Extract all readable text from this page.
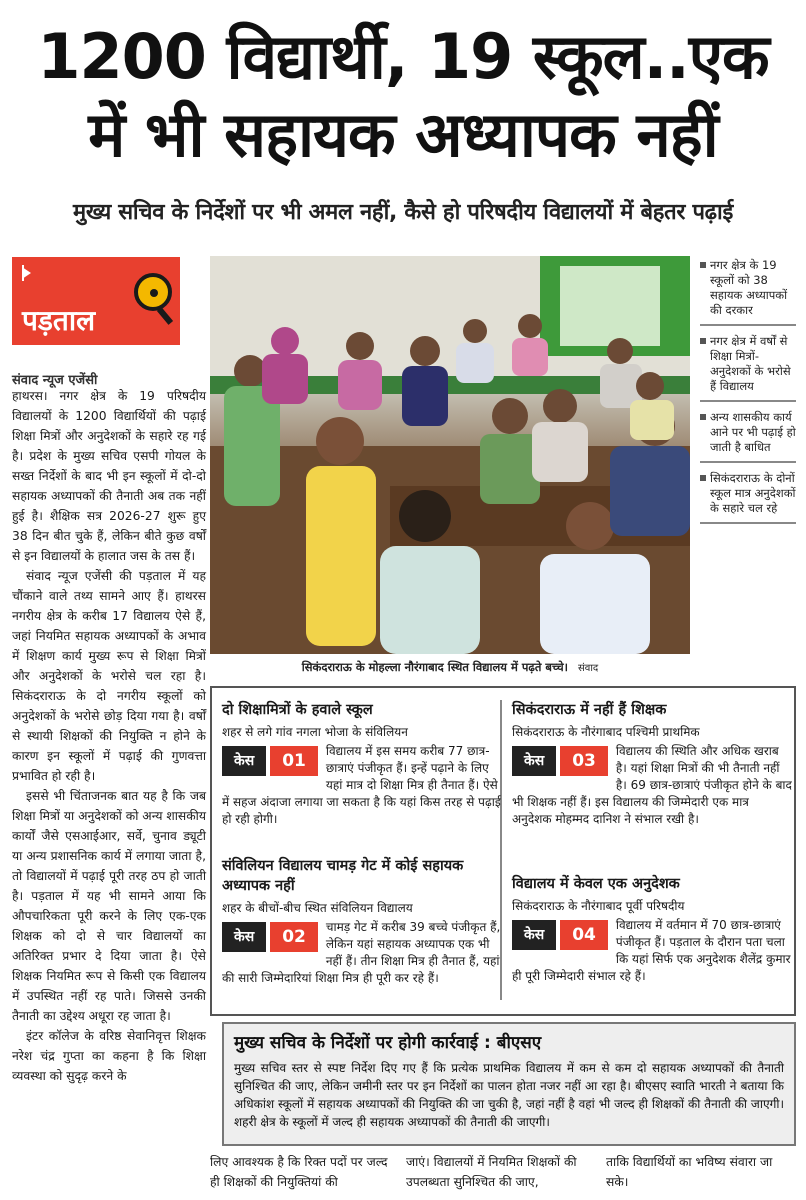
1200 विद्यार्थी, 19 स्कूल..एक
में भी सहायक अध्यापक नहीं
मुख्य सचिव के निर्देशों पर भी अमल नहीं, कैसे हो परिषदीय विद्यालयों में बेहतर पढ़ाई
पड़ताल
संवाद न्यूज एजेंसी

हाथरस। नगर क्षेत्र के 19 परिषदीय विद्यालयों के 1200 विद्यार्थियों की पढ़ाई शिक्षा मित्रों और अनुदेशकों के सहारे रह गई है। प्रदेश के मुख्य सचिव एसपी गोयल के सख्त निर्देशों के बाद भी इन स्कूलों में दो-दो सहायक अध्यापकों की तैनाती अब तक नहीं हुई है। शैक्षिक सत्र 2026-27 शुरू हुए 38 दिन बीत चुके हैं, लेकिन बीते कुछ वर्षों से इन विद्यालयों के हालात जस के तस हैं।

संवाद न्यूज एजेंसी की पड़ताल में यह चौंकाने वाले तथ्य सामने आए हैं। हाथरस नगरीय क्षेत्र के करीब 17 विद्यालय ऐसे हैं, जहां नियमित सहायक अध्यापकों के अभाव में शिक्षण कार्य मुख्य रूप से शिक्षा मित्रों और अनुदेशकों के भरोसे चल रहा है। सिकंदराराऊ के दो नगरीय स्कूलों को अनुदेशकों के भरोसे छोड़ दिया गया है। वर्षों से स्थायी शिक्षकों की नियुक्ति न होने के कारण इन स्कूलों में पढ़ाई की गुणवत्ता प्रभावित हो रही है।

इससे भी चिंताजनक बात यह है कि जब शिक्षा मित्रों या अनुदेशकों को अन्य शासकीय कार्यों जैसे एसआईआर, सर्वे, चुनाव ड्यूटी या अन्य प्रशासनिक कार्य में लगाया जाता है, तो विद्यालयों में पढ़ाई पूरी तरह ठप हो जाती है। पड़ताल में यह भी सामने आया कि औपचारिकता पूरी करने के लिए एक-एक शिक्षक को दो से चार विद्यालयों का अतिरिक्त प्रभार दे दिया जाता है। ऐसे शिक्षक नियमित रूप से किसी एक विद्यालय में उपस्थित नहीं रह पाते। जिससे उनकी तैनाती का उद्देश्य अधूरा रह जाता है।

इंटर कॉलेज के वरिष्ठ सेवानिवृत्त शिक्षक नरेश चंद्र गुप्ता का कहना है कि शिक्षा व्यवस्था को सुदृढ़ करने के

सिकंदराराऊ के मोहल्ला नौरंगाबाद स्थित विद्यालय में पढ़ते बच्चे। संवाद
नगर क्षेत्र के 19 स्कूलों को 38 सहायक अध्यापकों की दरकार
नगर क्षेत्र में वर्षों से शिक्षा मित्रों-अनुदेशकों के भरोसे हैं विद्यालय
अन्य शासकीय कार्य आने पर भी पढ़ाई हो जाती है बाधित
सिकंदराराऊ के दोनों स्कूल मात्र अनुदेशकों के सहारे चल रहे
दो शिक्षामित्रों के हवाले स्कूल
शहर से लगे गांव नगला भोजा के संविलियन
केस	01	विद्यालय में इस समय करीब 77 छात्र-छात्राएं पंजीकृत हैं। इन्हें पढ़ाने के लिए यहां मात्र दो शिक्षा मित्र ही तैनात हैं। ऐसे में सहज अंदाजा लगाया जा सकता है कि यहां किस तरह से पढ़ाई हो रही होगी।
संविलियन विद्यालय चामड़ गेट में कोई सहायक अध्यापक नहीं
शहर के बीचों-बीच स्थित संविलियन विद्यालय
केस	02	चामड़ गेट में करीब 39 बच्चे पंजीकृत हैं, लेकिन यहां सहायक अध्यापक एक भी नहीं हैं। तीन शिक्षा मित्र ही तैनात हैं, यहां की सारी जिम्मेदारियां शिक्षा मित्र ही पूरी कर रहे हैं।
सिकंदराराऊ में नहीं हैं शिक्षक
सिकंदराराऊ के नौरंगाबाद पश्चिमी प्राथमिक
केस	03	विद्यालय की स्थिति और अधिक खराब है। यहां शिक्षा मित्रों की भी तैनाती नहीं है। 69 छात्र-छात्राएं पंजीकृत होने के बाद भी शिक्षक नहीं हैं। इस विद्यालय की जिम्मेदारी एक मात्र अनुदेशक मोहम्मद दानिश ने संभाल रखी है।
विद्यालय में केवल एक अनुदेशक
सिकंदराराऊ के नौरंगाबाद पूर्वी परिषदीय
केस	04	विद्यालय में वर्तमान में 70 छात्र-छात्राएं पंजीकृत हैं। पड़ताल के दौरान पता चला कि यहां सिर्फ एक अनुदेशक शैलेंद्र कुमार ही पूरी जिम्मेदारी संभाल रहे हैं।
मुख्य सचिव के निर्देशों पर होगी कार्रवाई : बीएसए

मुख्य सचिव स्तर से स्पष्ट निर्देश दिए गए हैं कि प्रत्येक प्राथमिक विद्यालय में कम से कम दो सहायक अध्यापकों की तैनाती सुनिश्चित की जाए, लेकिन जमीनी स्तर पर इन निर्देशों का पालन होता नजर नहीं आ रहा है। बीएसए स्वाति भारती ने बताया कि अधिकांश स्कूलों में सहायक अध्यापकों की नियुक्ति की जा चुकी है, जहां नहीं है वहां भी जल्द ही शिक्षकों की तैनाती की जाएगी। शहरी क्षेत्र के स्कूलों में जल्द ही सहायक अध्यापकों की तैनाती की जाएगी।

लिए आवश्यक है कि रिक्त पदों पर जल्द ही शिक्षकों की नियुक्तियां की
जाएं। विद्यालयों में नियमित शिक्षकों की उपलब्धता सुनिश्चित की जाए,
ताकि विद्यार्थियों का भविष्य संवारा जा सके।
